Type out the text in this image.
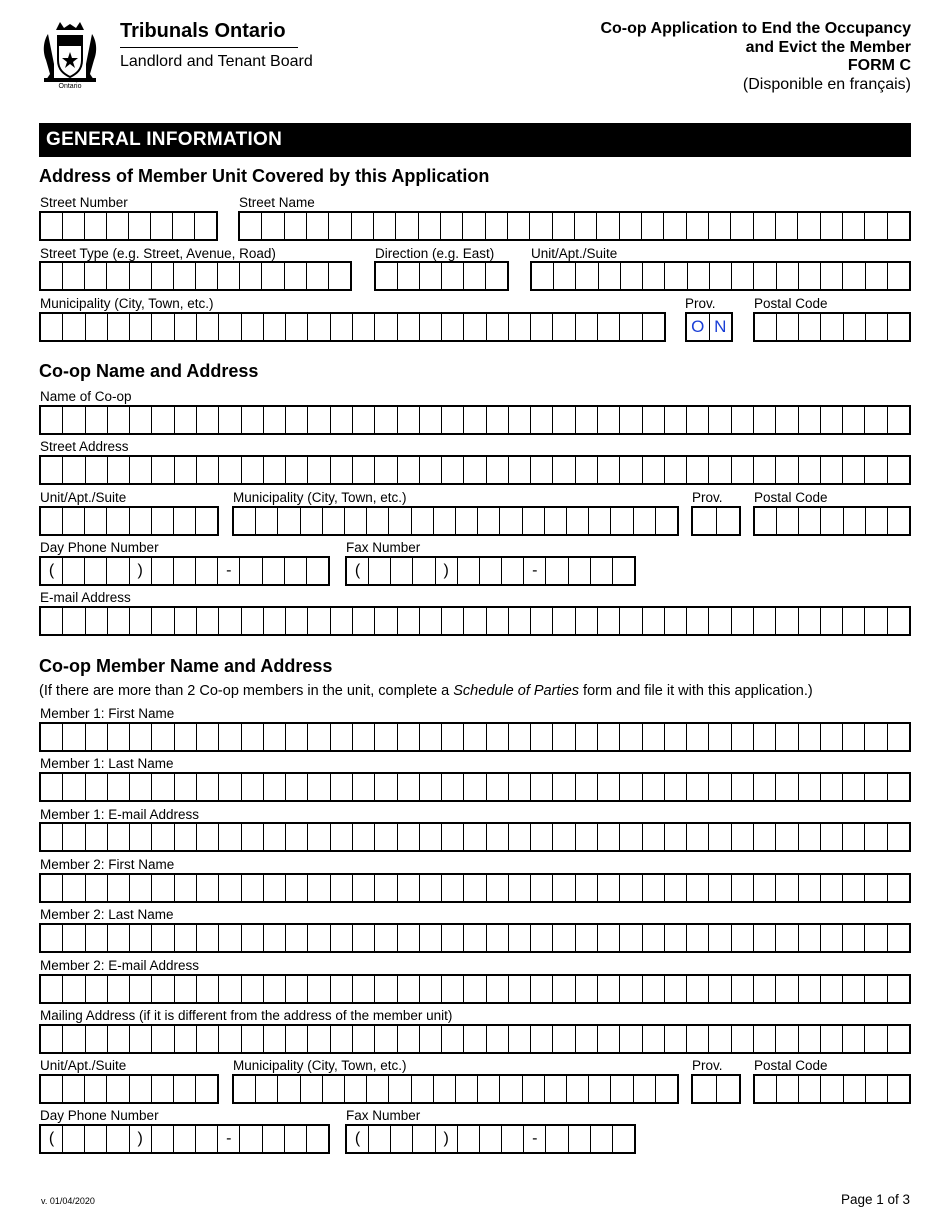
Ontario
Tribunals Ontario
Landlord and Tenant Board
Co-op Application to End the Occupancy
and Evict the Member
FORM C
(Disponible en français)
GENERAL INFORMATION
Address of Member Unit Covered by this Application
Street Number	Street Name
Street Type (e.g. Street, Avenue, Road)	Direction (e.g. East)	Unit/Apt./Suite
Municipality (City, Town, etc.)	Prov.	Postal Code
O N
Co-op Name and Address
Name of Co-op
Street Address
Unit/Apt./Suite	Municipality (City, Town, etc.)	Prov. Postal Code
Day Phone Number	Fax Number
(	)	-	(	)	-
E-mail Address
Co-op Member Name and Address
(If there are more than 2 Co-op members in the unit, complete a Schedule of Parties form and file it with this application.)
Member 1: First Name
Member 1: Last Name
Member 1: E-mail Address
Member 2: First Name
Member 2: Last Name
Member 2: E-mail Address
Mailing Address (if it is different from the address of the member unit)
Unit/Apt./Suite	Municipality (City, Town, etc.)	Prov. Postal Code
Day Phone Number	Fax Number
(	)	-	(	)	-
v. 01/04/2020	Page 1 of 3
